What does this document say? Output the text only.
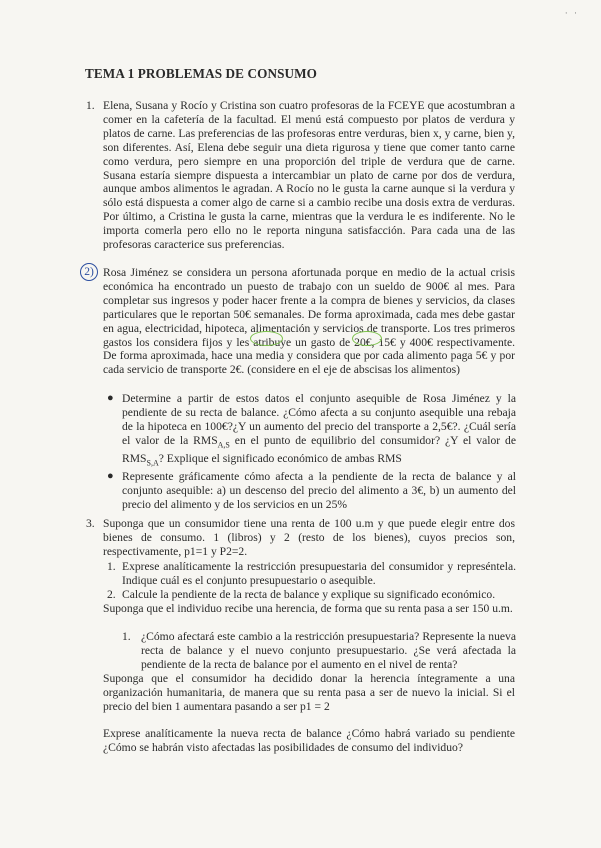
· ·
TEMA 1 PROBLEMAS DE CONSUMO
1. Elena, Susana y Rocío y Cristina son cuatro profesoras de la FCEYE que acostumbran a comer en la cafetería de la facultad. El menú está compuesto por platos de verdura y platos de carne. Las preferencias de las profesoras entre verduras, bien x, y carne, bien y, son diferentes. Así, Elena debe seguir una dieta rigurosa y tiene que comer tanto carne como verdura, pero siempre en una proporción del triple de verdura que de carne. Susana estaría siempre dispuesta a intercambiar un plato de carne por dos de verdura, aunque ambos alimentos le agradan. A Rocío no le gusta la carne aunque si la verdura y sólo está dispuesta a comer algo de carne si a cambio recibe una dosis extra de verduras. Por último, a Cristina le gusta la carne, mientras que la verdura le es indiferente. No le importa comerla pero ello no le reporta ninguna satisfacción. Para cada una de las profesoras caracterice sus preferencias.
2) Rosa Jiménez se considera un persona afortunada porque en medio de la actual crisis económica ha encontrado un puesto de trabajo con un sueldo de 900€ al mes. Para completar sus ingresos y poder hacer frente a la compra de bienes y servicios, da clases particulares que le reportan 50€ semanales. De forma aproximada, cada mes debe gastar en agua, electricidad, hipoteca, alimentación y servicios de transporte. Los tres primeros gastos los considera fijos y les atribuye un gasto de 20€, 15€ y 400€ respectivamente. De forma aproximada, hace una media y considera que por cada alimento paga 5€ y por cada servicio de transporte 2€. (considere en el eje de abscisas los alimentos)
● Determine a partir de estos datos el conjunto asequible de Rosa Jiménez y la pendiente de su recta de balance. ¿Cómo afecta a su conjunto asequible una rebaja de la hipoteca en 100€?¿Y un aumento del precio del transporte a 2,5€?. ¿Cuál sería el valor de la $RMS_{A,S}$ en el punto de equilibrio del consumidor? ¿Y el valor de $RMS_{S,A}$? Explique el significado económico de ambas RMS
● Represente gráficamente cómo afecta a la pendiente de la recta de balance y al conjunto asequible: a) un descenso del precio del alimento a 3€, b) un aumento del precio del alimento y de los servicios en un 25%
3. Suponga que un consumidor tiene una renta de 100 u.m y que puede elegir entre dos bienes de consumo. 1 (libros) y 2 (resto de los bienes), cuyos precios son, respectivamente, p1=1 y P2=2.
1. Exprese analíticamente la restricción presupuestaria del consumidor y represéntela. Indique cuál es el conjunto presupuestario o asequible.
2. Calcule la pendiente de la recta de balance y explique su significado económico.
Suponga que el individuo recibe una herencia, de forma que su renta pasa a ser 150 u.m.
1. ¿Cómo afectará este cambio a la restricción presupuestaria? Represente la nueva recta de balance y el nuevo conjunto presupuestario. ¿Se verá afectada la pendiente de la recta de balance por el aumento en el nivel de renta?
Suponga que el consumidor ha decidido donar la herencia íntegramente a una organización humanitaria, de manera que su renta pasa a ser de nuevo la inicial. Si el precio del bien 1 aumentara pasando a ser p1 = 2
Exprese analíticamente la nueva recta de balance ¿Cómo habrá variado su pendiente ¿Cómo se habrán visto afectadas las posibilidades de consumo del individuo?
